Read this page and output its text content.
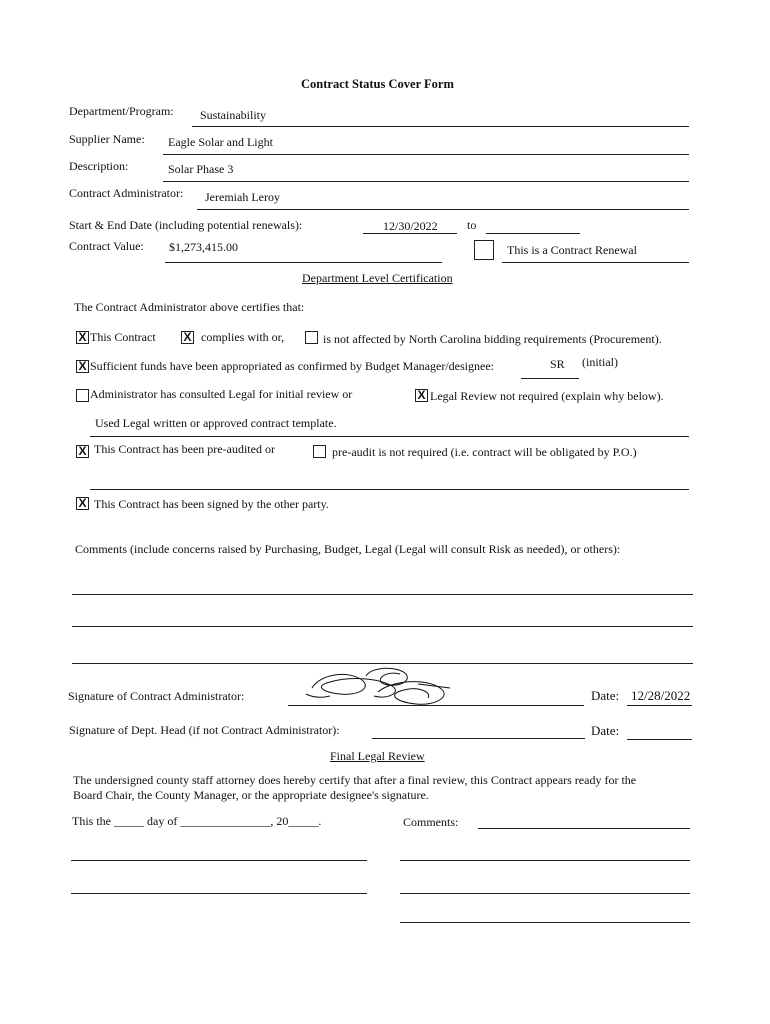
Contract Status Cover Form
Department/Program: Sustainability
Supplier Name: Eagle Solar and Light
Description:	Solar Phase 3
Contract Administrator: Jeremiah Leroy
Start & End Date (including potential renewals):	12/30/2022 to
Contract Value: $1,273,415.00	This is a Contract Renewal
Department Level Certification
The Contract Administrator above certifies that:
X This Contract X complies with or,	is not affected by North Carolina bidding requirements (Procurement).
X Sufficient funds have been appropriated as confirmed by Budget Manager/designee:	SR (initial)
Administrator has consulted Legal for initial review or	X Legal Review not required (explain why below).
Used Legal written or approved contract template.
X This Contract has been pre-audited or	pre-audit is not required (i.e. contract will be obligated by P.O.)
X This Contract has been signed by the other party.
Comments (include concerns raised by Purchasing, Budget, Legal (Legal will consult Risk as needed), or others):
Signature of Contract Administrator:	Date: 12/28/2022
Signature of Dept. Head (if not Contract Administrator):	Date:
Final Legal Review
The undersigned county staff attorney does hereby certify that after a final review, this Contract appears ready for the
Board Chair, the County Manager, or the appropriate designee's signature.
This the _____ day of _______________, 20_____.	Comments:
